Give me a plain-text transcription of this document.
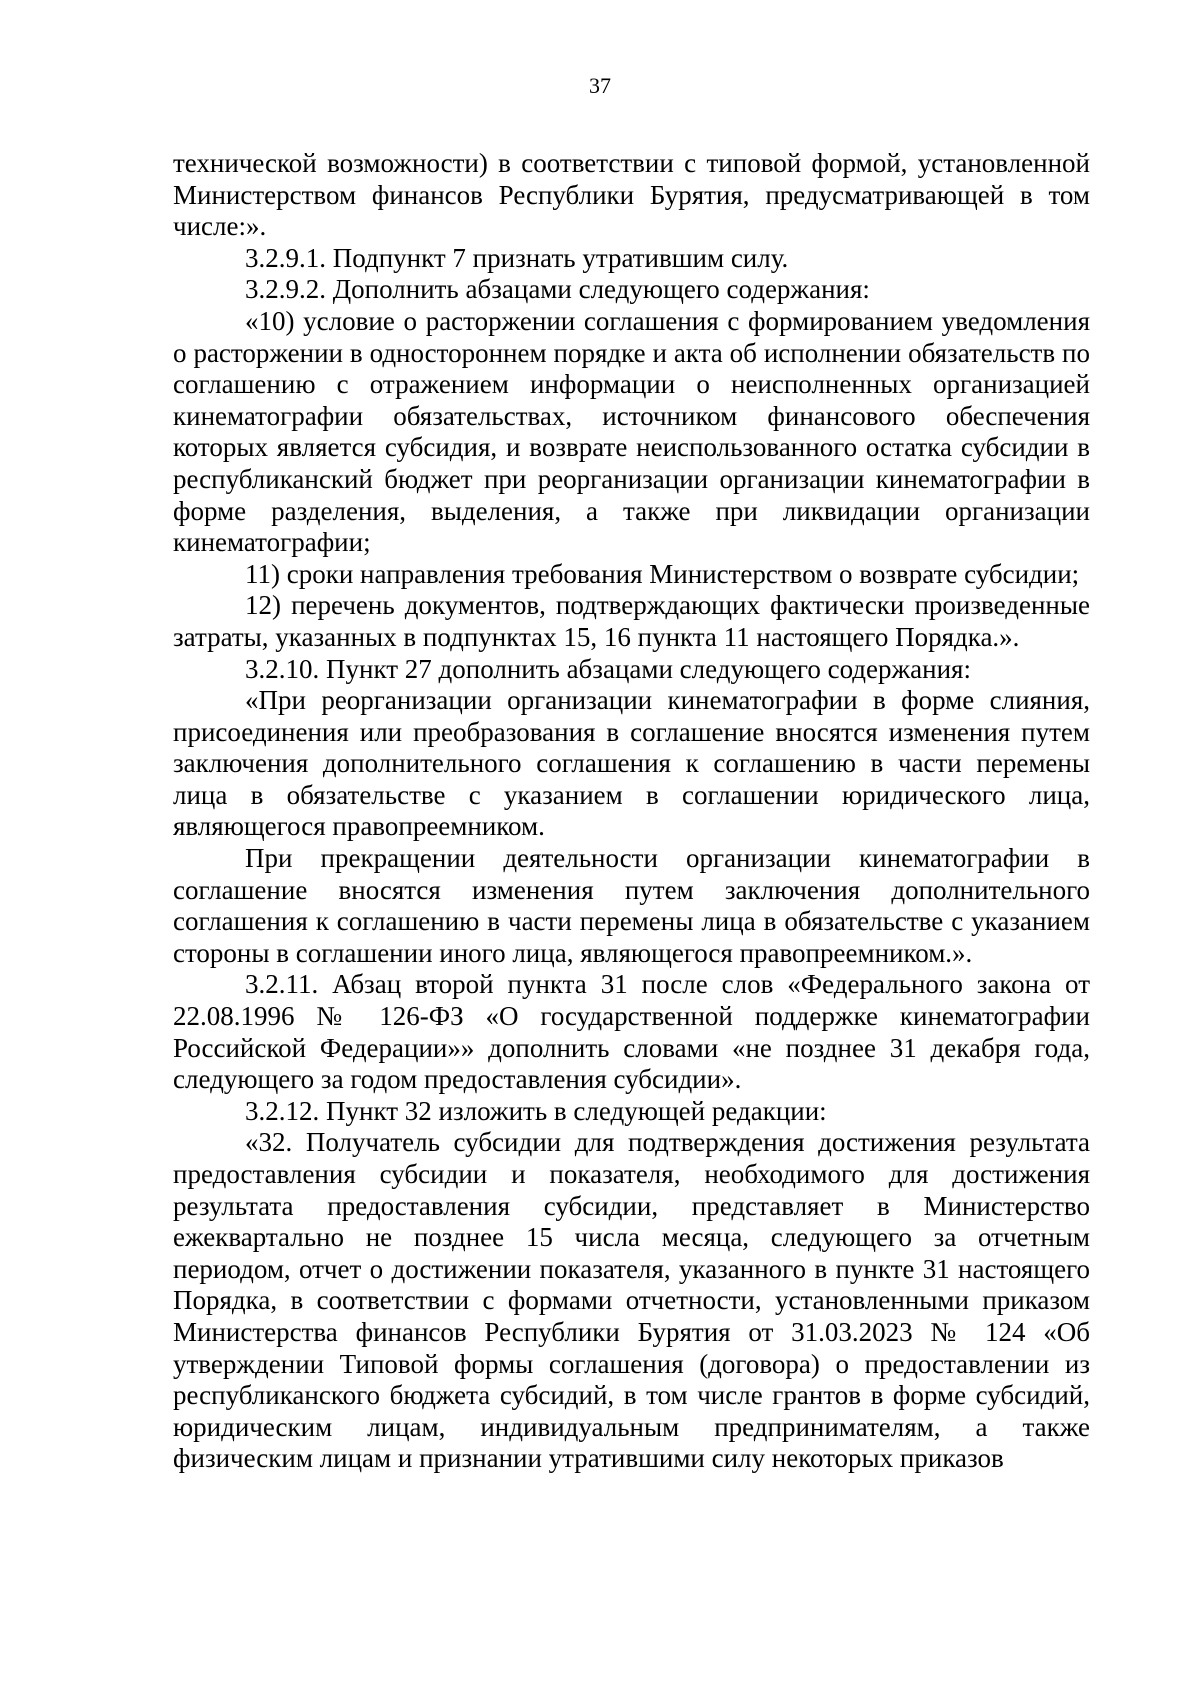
37

технической возможности) в соответствии с типовой формой, установленной Министерством финансов Республики Бурятия, предусматривающей в том числе:».

3.2.9.1. Подпункт 7 признать утратившим силу.

3.2.9.2. Дополнить абзацами следующего содержания:

«10) условие о расторжении соглашения с формированием уведомления о расторжении в одностороннем порядке и акта об исполнении обязательств по соглашению с отражением информации о неисполненных организацией кинематографии обязательствах, источником финансового обеспечения которых является субсидия, и возврате неиспользованного остатка субсидии в республиканский бюджет при реорганизации организации кинематографии в форме разделения, выделения, а также при ликвидации организации кинематографии;

11) сроки направления требования Министерством о возврате субсидии;

12) перечень документов, подтверждающих фактически произведенные затраты, указанных в подпунктах 15, 16 пункта 11 настоящего Порядка.».

3.2.10. Пункт 27 дополнить абзацами следующего содержания:

«При реорганизации организации кинематографии в форме слияния, присоединения или преобразования в соглашение вносятся изменения путем заключения дополнительного соглашения к соглашению в части перемены лица в обязательстве с указанием в соглашении юридического лица, являющегося правопреемником.

При прекращении деятельности организации кинематографии в соглашение вносятся изменения путем заключения дополнительного соглашения к соглашению в части перемены лица в обязательстве с указанием стороны в соглашении иного лица, являющегося правопреемником.».

3.2.11. Абзац второй пункта 31 после слов «Федерального закона от 22.08.1996 № 126-ФЗ «О государственной поддержке кинематографии Российской Федерации»» дополнить словами «не позднее 31 декабря года, следующего за годом предоставления субсидии».

3.2.12. Пункт 32 изложить в следующей редакции:

«32. Получатель субсидии для подтверждения достижения результата предоставления субсидии и показателя, необходимого для достижения результата предоставления субсидии, представляет в Министерство ежеквартально не позднее 15 числа месяца, следующего за отчетным периодом, отчет о достижении показателя, указанного в пункте 31 настоящего Порядка, в соответствии с формами отчетности, установленными приказом Министерства финансов Республики Бурятия от 31.03.2023 № 124 «Об утверждении Типовой формы соглашения (договора) о предоставлении из республиканского бюджета субсидий, в том числе грантов в форме субсидий, юридическим лицам, индивидуальным предпринимателям, а также физическим лицам и признании утратившими силу некоторых приказов
